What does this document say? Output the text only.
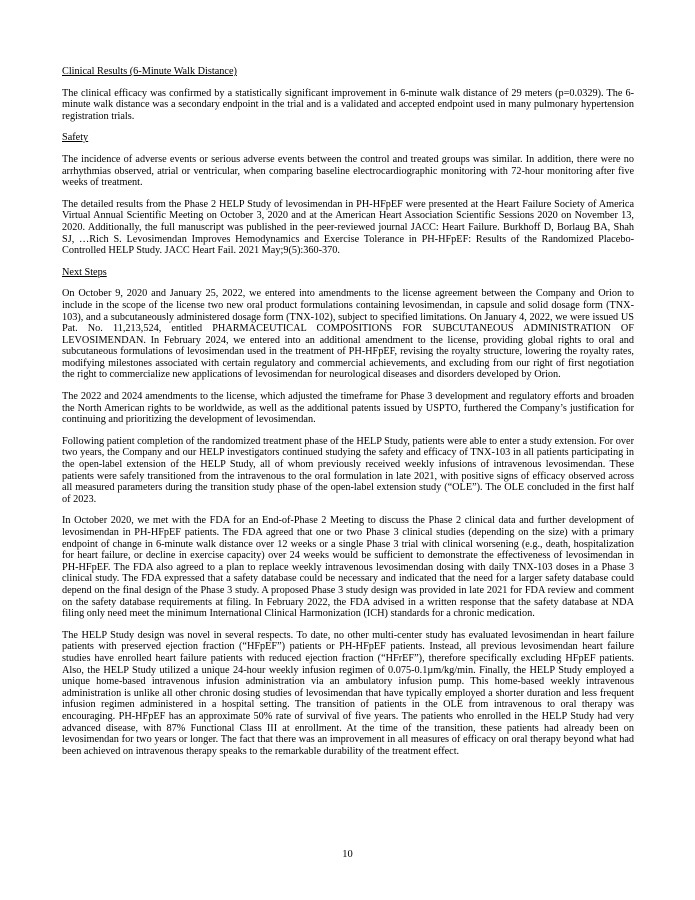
Clinical Results (6-Minute Walk Distance)

The clinical efficacy was confirmed by a statistically significant improvement in 6-minute walk distance of 29 meters (p=0.0329). The 6-minute walk distance was a secondary endpoint in the trial and is a validated and accepted endpoint used in many pulmonary hypertension registration trials.

Safety

The incidence of adverse events or serious adverse events between the control and treated groups was similar. In addition, there were no arrhythmias observed, atrial or ventricular, when comparing baseline electrocardiographic monitoring with 72-hour monitoring after five weeks of treatment.

The detailed results from the Phase 2 HELP Study of levosimendan in PH-HFpEF were presented at the Heart Failure Society of America Virtual Annual Scientific Meeting on October 3, 2020 and at the American Heart Association Scientific Sessions 2020 on November 13, 2020. Additionally, the full manuscript was published in the peer-reviewed journal JACC: Heart Failure. Burkhoff D, Borlaug BA, Shah SJ, …Rich S. Levosimendan Improves Hemodynamics and Exercise Tolerance in PH-HFpEF: Results of the Randomized Placebo-Controlled HELP Study. JACC Heart Fail. 2021 May;9(5):360-370.

Next Steps

On October 9, 2020 and January 25, 2022, we entered into amendments to the license agreement between the Company and Orion to include in the scope of the license two new oral product formulations containing levosimendan, in capsule and solid dosage form (TNX-103), and a subcutaneously administered dosage form (TNX-102), subject to specified limitations. On January 4, 2022, we were issued US Pat. No. 11,213,524, entitled PHARMACEUTICAL COMPOSITIONS FOR SUBCUTANEOUS ADMINISTRATION OF LEVOSIMENDAN. In February 2024, we entered into an additional amendment to the license, providing global rights to oral and subcutaneous formulations of levosimendan used in the treatment of PH-HFpEF, revising the royalty structure, lowering the royalty rates, modifying milestones associated with certain regulatory and commercial achievements, and excluding from our right of first negotiation the right to commercialize new applications of levosimendan for neurological diseases and disorders developed by Orion.

The 2022 and 2024 amendments to the license, which adjusted the timeframe for Phase 3 development and regulatory efforts and broaden the North American rights to be worldwide, as well as the additional patents issued by USPTO, furthered the Company’s justification for continuing and prioritizing the development of levosimendan.

Following patient completion of the randomized treatment phase of the HELP Study, patients were able to enter a study extension. For over two years, the Company and our HELP investigators continued studying the safety and efficacy of TNX-103 in all patients participating in the open-label extension of the HELP Study, all of whom previously received weekly infusions of intravenous levosimendan. These patients were safely transitioned from the intravenous to the oral formulation in late 2021, with positive signs of efficacy observed across all measured parameters during the transition study phase of the open-label extension study (“OLE”). The OLE concluded in the first half of 2023.

In October 2020, we met with the FDA for an End-of-Phase 2 Meeting to discuss the Phase 2 clinical data and further development of levosimendan in PH-HFpEF patients. The FDA agreed that one or two Phase 3 clinical studies (depending on the size) with a primary endpoint of change in 6-minute walk distance over 12 weeks or a single Phase 3 trial with clinical worsening (e.g., death, hospitalization for heart failure, or decline in exercise capacity) over 24 weeks would be sufficient to demonstrate the effectiveness of levosimendan in PH-HFpEF. The FDA also agreed to a plan to replace weekly intravenous levosimendan dosing with daily TNX-103 doses in a Phase 3 clinical study. The FDA expressed that a safety database could be necessary and indicated that the need for a larger safety database could depend on the final design of the Phase 3 study. A proposed Phase 3 study design was provided in late 2021 for FDA review and comment on the safety database requirements at filing. In February 2022, the FDA advised in a written response that the safety database at NDA filing only need meet the minimum International Clinical Harmonization (ICH) standards for a chronic medication.

The HELP Study design was novel in several respects. To date, no other multi-center study has evaluated levosimendan in heart failure patients with preserved ejection fraction (“HFpEF”) patients or PH-HFpEF patients. Instead, all previous levosimendan heart failure studies have enrolled heart failure patients with reduced ejection fraction (“HFrEF”), therefore specifically excluding HFpEF patients. Also, the HELP Study utilized a unique 24-hour weekly infusion regimen of 0.075-0.1µm/kg/min. Finally, the HELP Study employed a unique home-based intravenous infusion administration via an ambulatory infusion pump. This home-based weekly intravenous administration is unlike all other chronic dosing studies of levosimendan that have typically employed a shorter duration and less frequent infusion regimen administered in a hospital setting. The transition of patients in the OLE from intravenous to oral therapy was encouraging. PH-HFpEF has an approximate 50% rate of survival of five years. The patients who enrolled in the HELP Study had very advanced disease, with 87% Functional Class III at enrollment. At the time of the transition, these patients had already been on levosimendan for two years or longer. The fact that there was an improvement in all measures of efficacy on oral therapy beyond what had been achieved on intravenous therapy speaks to the remarkable durability of the treatment effect.

10
